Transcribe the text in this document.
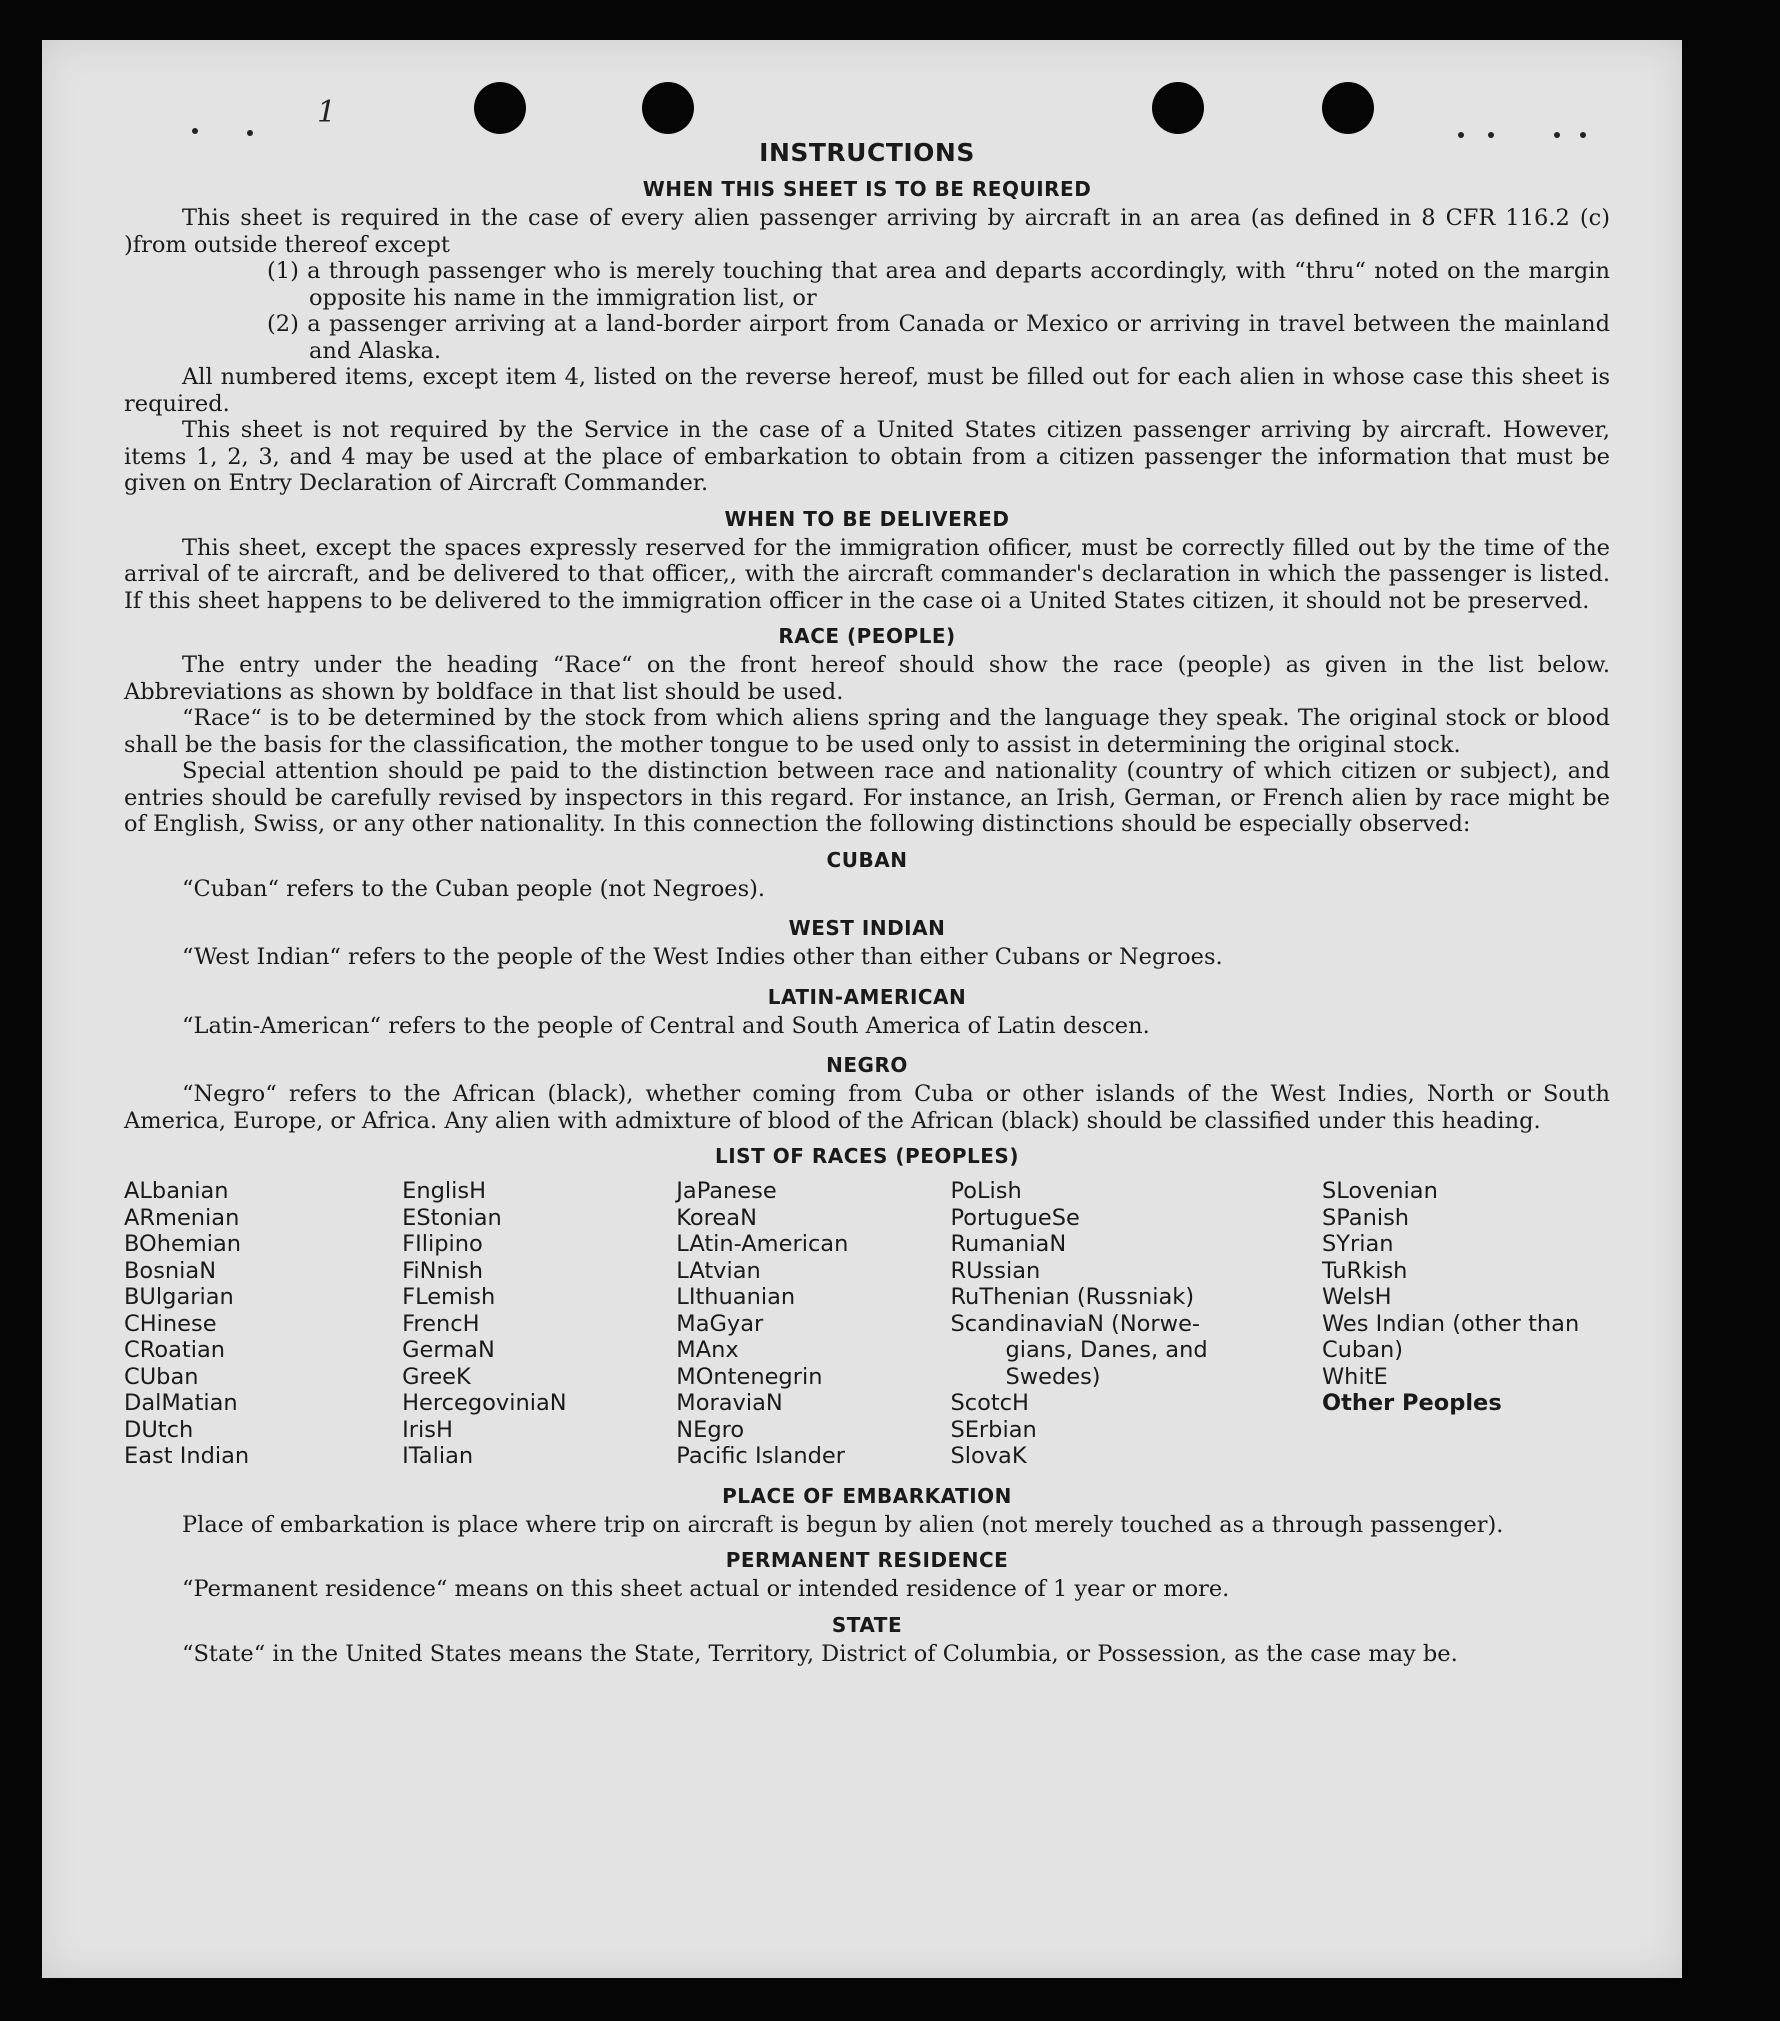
1
INSTRUCTIONS
WHEN THIS SHEET IS TO BE REQUIRED

This sheet is required in the case of every alien passenger arriving by aircraft in an area (as defined in 8 CFR 116.2 (c) )from outside thereof except

(1) a through passenger who is merely touching that area and departs accordingly, with “thru“ noted on the margin opposite his name in the immigration list, or
(2) a passenger arriving at a land-border airport from Canada or Mexico or arriving in travel between the mainland and Alaska.

All numbered items, except item 4, listed on the reverse hereof, must be filled out for each alien in whose case this sheet is required.

This sheet is not required by the Service in the case of a United States citizen passenger arriving by aircraft. However, items 1, 2, 3, and 4 may be used at the place of embarkation to obtain from a citizen passenger the information that must be given on Entry Declaration of Aircraft Commander.

WHEN TO BE DELIVERED

This sheet, except the spaces expressly reserved for the immigration ofificer, must be correctly filled out by the time of the arrival of te aircraft, and be delivered to that officer,, with the aircraft commander's declaration in which the passenger is listed. If this sheet happens to be delivered to the immigration officer in the case oi a United States citizen, it should not be preserved.

RACE (PEOPLE)

The entry under the heading “Race“ on the front hereof should show the race (people) as given in the list below. Abbreviations as shown by boldface in that list should be used.

“Race“ is to be determined by the stock from which aliens spring and the language they speak. The original stock or blood shall be the basis for the classification, the mother tongue to be used only to assist in determining the original stock.

Special attention should pe paid to the distinction between race and nationality (country of which citizen or subject), and entries should be carefully revised by inspectors in this regard. For instance, an Irish, German, or French alien by race might be of English, Swiss, or any other nationality. In this connection the following distinctions should be especially observed:

CUBAN

“Cuban“ refers to the Cuban people (not Negroes).

WEST INDIAN

“West Indian“ refers to the people of the West Indies other than either Cubans or Negroes.

LATIN-AMERICAN

“Latin-American“ refers to the people of Central and South America of Latin descen.

NEGRO

“Negro“ refers to the African (black), whether coming from Cuba or other islands of the West Indies, North or South America, Europe, or Africa. Any alien with admixture of blood of the African (black) should be classified under this heading.

LIST OF RACES (PEOPLES)
ALbanian
ARmenian
BOhemian
BosniaN
BUlgarian
CHinese
CRoatian
CUban
DalMatian
DUtch
East Indian
EnglisH
EStonian
FIlipino
FiNnish
FLemish
FrencH
GermaN
GreeK
HercegoviniaN
IrisH
ITalian
JaPanese
KoreaN
LAtin-American
LAtvian
LIthuanian
MaGyar
MAnx
MOntenegrin
MoraviaN
NEgro
Pacific Islander
PoLish
PortugueSe
RumaniaN
RUssian
RuThenian (Russniak)
ScandinaviaN (Norwe-
gians, Danes, and
Swedes)
ScotcH
SErbian
SlovaK
SLovenian
SPanish
SYrian
TuRkish
WelsH
Wes Indian (other than Cuban)
WhitE
Other Peoples
PLACE OF EMBARKATION

Place of embarkation is place where trip on aircraft is begun by alien (not merely touched as a through passenger).

PERMANENT RESIDENCE

“Permanent residence“ means on this sheet actual or intended residence of 1 year or more.

STATE

“State“ in the United States means the State, Territory, District of Columbia, or Possession, as the case may be.
